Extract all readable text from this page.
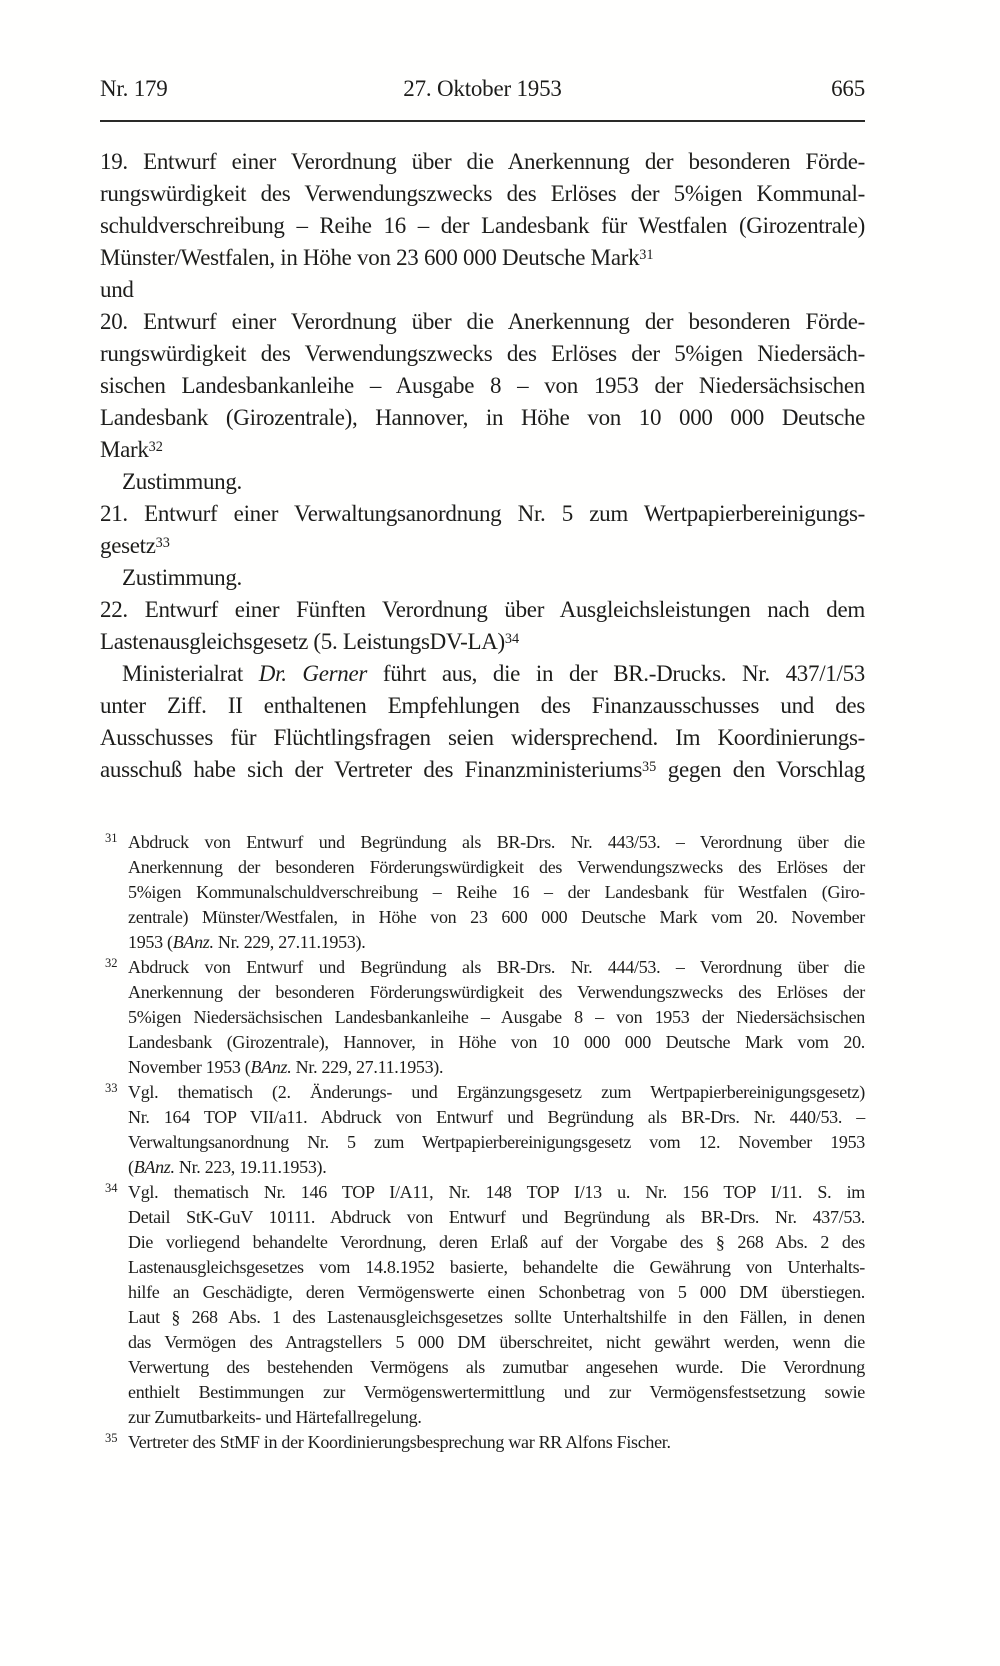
Nr. 179	27. Oktober 1953	665
19. Entwurf einer Verordnung über die Anerkennung der besonderen Förde-
rungswürdigkeit des Verwendungszwecks des Erlöses der 5%igen Kommunal-
schuldverschreibung – Reihe 16 – der Landesbank für Westfalen (Girozentrale)
Münster/Westfalen, in Höhe von 23 600 000 Deutsche Mark$^{31}$
und
20. Entwurf einer Verordnung über die Anerkennung der besonderen Förde-
rungswürdigkeit des Verwendungszwecks des Erlöses der 5%igen Niedersäch-
sischen Landesbankanleihe – Ausgabe 8 – von 1953 der Niedersächsischen
Landesbank (Girozentrale), Hannover, in Höhe von 10 000 000 Deutsche
Mark$^{32}$
Zustimmung.
21. Entwurf einer Verwaltungsanordnung Nr. 5 zum Wertpapierbereinigungs-
gesetz$^{33}$
Zustimmung.
22. Entwurf einer Fünften Verordnung über Ausgleichsleistungen nach dem
Lastenausgleichsgesetz (5. LeistungsDV-LA)$^{34}$
Ministerialrat Dr. Gerner führt aus, die in der BR.-Drucks. Nr. 437/1/53
unter Ziff. II enthaltenen Empfehlungen des Finanzausschusses und des
Ausschusses für Flüchtlingsfragen seien widersprechend. Im Koordinierungs-
ausschuß habe sich der Vertreter des Finanzministeriums$^{35}$ gegen den Vorschlag
31 Abdruck von Entwurf und Begründung als BR-Drs. Nr. 443/53. – Verordnung über die
Anerkennung der besonderen Förderungswürdigkeit des Verwendungszwecks des Erlöses der
5%igen Kommunalschuldverschreibung – Reihe 16 – der Landesbank für Westfalen (Giro-
zentrale) Münster/Westfalen, in Höhe von 23 600 000 Deutsche Mark vom 20. November
1953 (BAnz. Nr. 229, 27.11.1953).
32 Abdruck von Entwurf und Begründung als BR-Drs. Nr. 444/53. – Verordnung über die
Anerkennung der besonderen Förderungswürdigkeit des Verwendungszwecks des Erlöses der
5%igen Niedersächsischen Landesbankanleihe – Ausgabe 8 – von 1953 der Niedersächsischen
Landesbank (Girozentrale), Hannover, in Höhe von 10 000 000 Deutsche Mark vom 20.
November 1953 (BAnz. Nr. 229, 27.11.1953).
33 Vgl. thematisch (2. Änderungs- und Ergänzungsgesetz zum Wertpapierbereinigungsgesetz)
Nr. 164 TOP VII/a11. Abdruck von Entwurf und Begründung als BR-Drs. Nr. 440/53. –
Verwaltungsanordnung Nr. 5 zum Wertpapierbereinigungsgesetz vom 12. November 1953
(BAnz. Nr. 223, 19.11.1953).
34 Vgl. thematisch Nr. 146 TOP I/A11, Nr. 148 TOP I/13 u. Nr. 156 TOP I/11. S. im
Detail StK-GuV 10111. Abdruck von Entwurf und Begründung als BR-Drs. Nr. 437/53.
Die vorliegend behandelte Verordnung, deren Erlaß auf der Vorgabe des § 268 Abs. 2 des
Lastenausgleichsgesetzes vom 14.8.1952 basierte, behandelte die Gewährung von Unterhalts-
hilfe an Geschädigte, deren Vermögenswerte einen Schonbetrag von 5 000 DM überstiegen.
Laut § 268 Abs. 1 des Lastenausgleichsgesetzes sollte Unterhaltshilfe in den Fällen, in denen
das Vermögen des Antragstellers 5 000 DM überschreitet, nicht gewährt werden, wenn die
Verwertung des bestehenden Vermögens als zumutbar angesehen wurde. Die Verordnung
enthielt Bestimmungen zur Vermögenswertermittlung und zur Vermögensfestsetzung sowie
zur Zumutbarkeits- und Härtefallregelung.
35 Vertreter des StMF in der Koordinierungsbesprechung war RR Alfons Fischer.
